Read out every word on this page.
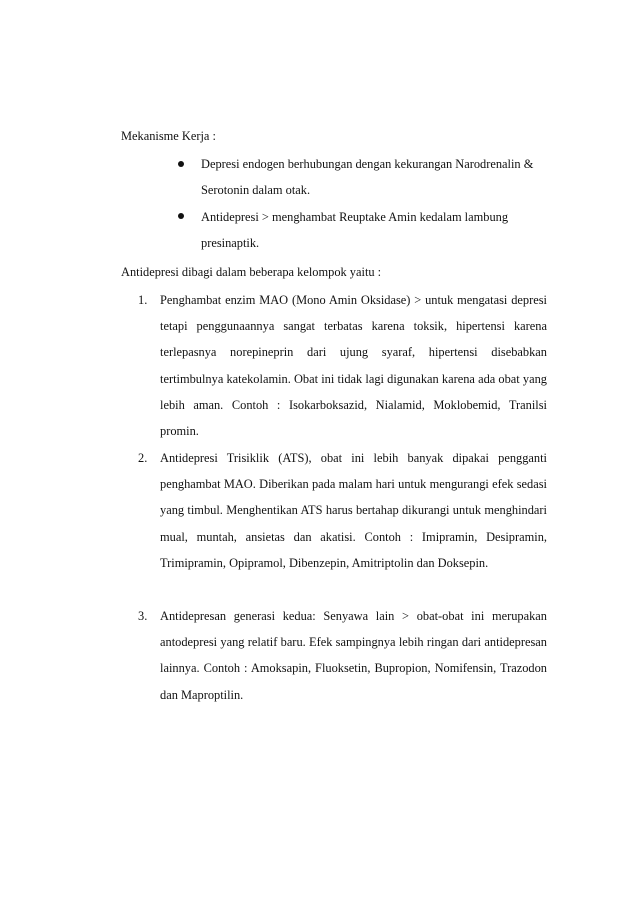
Mekanisme Kerja :
Depresi endogen berhubungan dengan kekurangan Narodrenalin & Serotonin dalam otak.
Antidepresi > menghambat Reuptake Amin kedalam lambung presinaptik.
Antidepresi dibagi dalam beberapa kelompok yaitu :
1. Penghambat enzim MAO (Mono Amin Oksidase) > untuk mengatasi depresi tetapi penggunaannya sangat terbatas karena toksik, hipertensi karena terlepasnya norepineprin dari ujung syaraf, hipertensi disebabkan tertimbulnya katekolamin. Obat ini tidak lagi digunakan karena ada obat yang lebih aman. Contoh : Isokarboksazid, Nialamid, Moklobemid, Tranilsi promin.
2. Antidepresi Trisiklik (ATS), obat ini lebih banyak dipakai pengganti penghambat MAO. Diberikan pada malam hari untuk mengurangi efek sedasi yang timbul. Menghentikan ATS harus bertahap dikurangi untuk menghindari mual, muntah, ansietas dan akatisi. Contoh : Imipramin, Desipramin, Trimipramin, Opipramol, Dibenzepin, Amitriptolin dan Doksepin.
3. Antidepresan generasi kedua: Senyawa lain > obat-obat ini merupakan antodepresi yang relatif baru. Efek sampingnya lebih ringan dari antidepresan lainnya. Contoh : Amoksapin, Fluoksetin, Bupropion, Nomifensin, Trazodon dan Maproptilin.
